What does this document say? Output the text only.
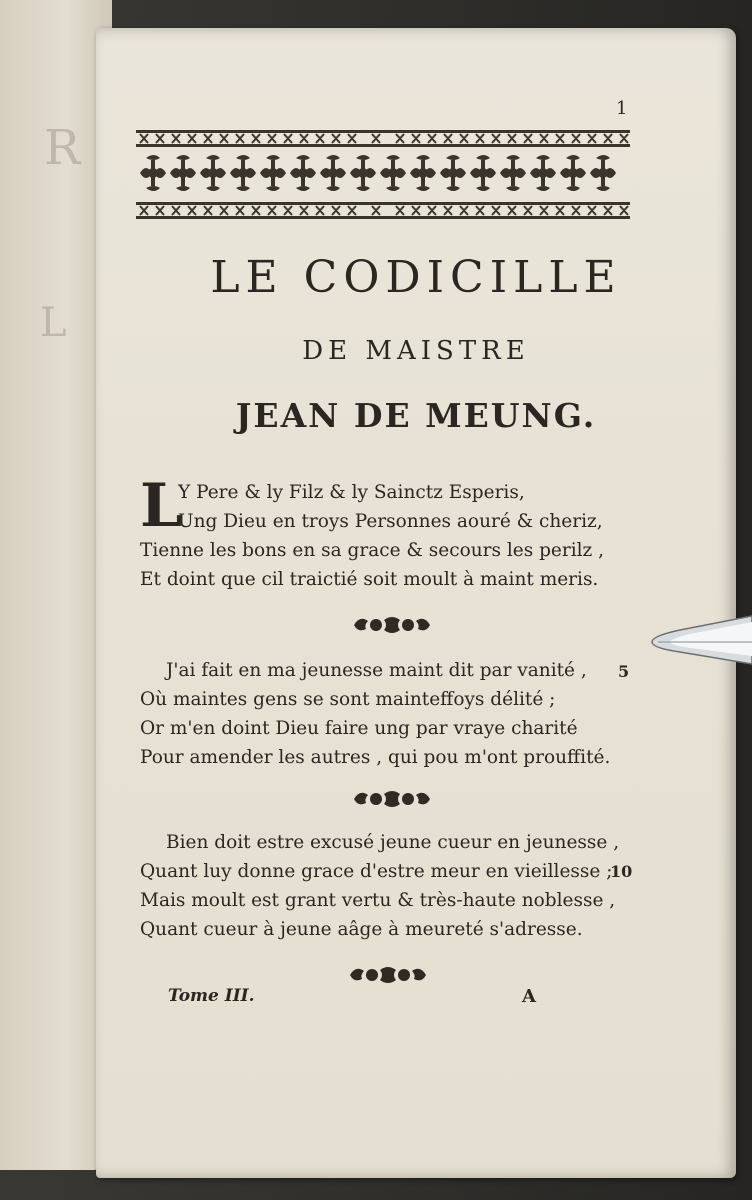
R
L
1
LE CODICILLE
DE MAISTRE
JEAN DE MEUNG.
L
Y Pere & ly Filz & ly Sainctz Esperis,
Ung Dieu en troys Personnes aouré & cheriz,
Tienne les bons en sa grace & secours les perilz ,
Et doint que cil traictié soit moult à maint meris.
J'ai fait en ma jeunesse maint dit par vanité ,
Où maintes gens se sont mainteffoys délité ;
Or m'en doint Dieu faire ung par vraye charité
Pour amender les autres , qui pou m'ont prouffité.
5
Bien doit estre excusé jeune cueur en jeunesse ,
Quant luy donne grace d'estre meur en vieillesse ;
Mais moult est grant vertu & très-haute noblesse ,
Quant cueur à jeune aâge à meureté s'adresse.
10
Tome III.	A
